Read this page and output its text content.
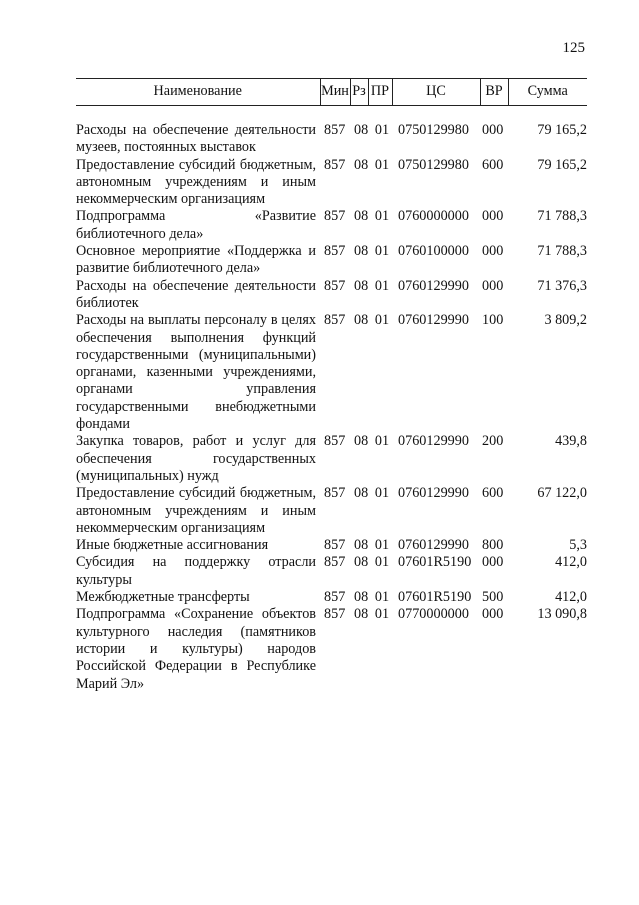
125
Наименование	Мин	Рз	ПР	ЦС	ВР	Сумма

Расходы на обеспечение деятельности музеев, постоянных выставок	857	08	01	0750129980	000	79 165,2
Предоставление субсидий бюджетным, автономным учреждениям и иным некоммерческим организациям	857	08	01	0750129980	600	79 165,2
Подпрограмма «Развитие библиотечного дела»	857	08	01	0760000000	000	71 788,3
Основное мероприятие «Поддержка и развитие библиотечного дела»	857	08	01	0760100000	000	71 788,3
Расходы на обеспечение деятельности библиотек	857	08	01	0760129990	000	71 376,3
Расходы на выплаты персоналу в целях обеспечения выполнения функций государственными (муниципальными) органами, казенными учреждениями, органами управления государственными внебюджетными фондами	857	08	01	0760129990	100	3 809,2
Закупка товаров, работ и услуг для обеспечения государственных (муниципальных) нужд	857	08	01	0760129990	200	439,8
Предоставление субсидий бюджетным, автономным учреждениям и иным некоммерческим организациям	857	08	01	0760129990	600	67 122,0
Иные бюджетные ассигнования	857	08	01	0760129990	800	5,3
Субсидия на поддержку отрасли культуры	857	08	01	07601R5190	000	412,0
Межбюджетные трансферты	857	08	01	07601R5190	500	412,0
Подпрограмма «Сохранение объектов культурного наследия (памятников истории и культуры) народов Российской Федерации в Республике Марий Эл»	857	08	01	0770000000	000	13 090,8
